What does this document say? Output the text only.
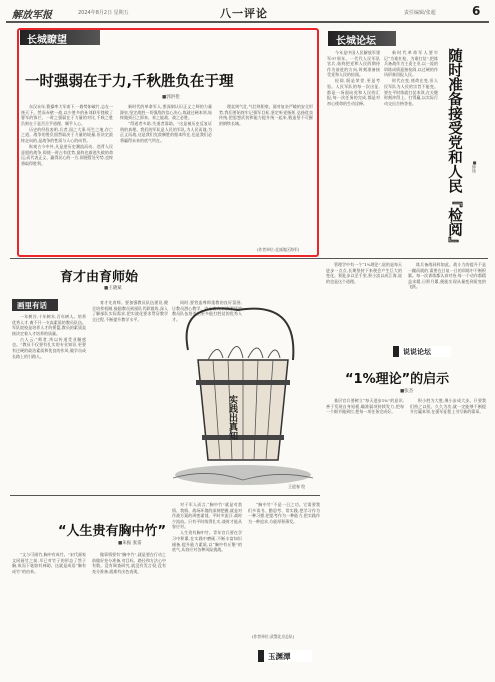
解放军报	2024年8月2日 星期五	八一评论	责任编辑/张超	6
长城瞭望
一时强弱在于力,千秋胜负在于理
■郭洪伦

东汉末年,曹操率大军南下,一路势如破竹,志在一统天下。然而赤壁一战,以少胜多的孙刘联军挫败了曹军的锋芒。一时之强弱在于力量的对比,千秋之胜负则在于是否合乎道理、顺乎人心。

历史的经验表明,兵者,国之大事,死生之地,存亡之道。战争的胜负固然取决于力量的较量,但决定最终走向的,是战争的性质与人心的向背。

纵观古今中外,凡是逆历史潮流而动、违背人民意愿的战争,即使一时占有优势,最终也难逃失败的命运;而代表正义、赢得民心的一方,即便暂处劣势,也终将取得胜利。

新时代的革命军人,要深刻认识正义之师的力量源泉,坚定战胜一切强敌的信心决心,练就过硬本领,始终做到召之即来、来之能战、战之必胜。

“得道者多助,失道者寡助。”这是被历史反复证明的真理。我们的军队是人民的军队,为人民而战,为正义而战,这是我们克敌制胜的根本所在,也是我们必将赢得未来的底气所在。

理直则气壮,气壮则胆豪。面对复杂严峻的安全形势,我们要始终牢记强军目标,坚定听党指挥,弘扬优良传统,把思想武装和能力提升统一起来,锻造坚不可摧的钢铁长城。

(作者单位:北部战区海军)
长城论坛
随时准备接受党和人民『检阅』	■钟炜

今年是中国人民解放军建军97周年。一代代人民军队官兵,始终把党和人民的期待作为前进的方向,时刻准备接受党和人民的检阅。

检阅,既是荣誉,更是考验。人民军队的每一次出征,都是一场面向党和人民的汇报;每一次任务的完成,都是对初心使命的生动诠释。

新时代革命军人要牢记“为谁扛枪、为谁打仗”,把练兵备战作为主责主业,以一流的训练成绩迎接检阅,以过硬的作风形象回报人民。

时代在变,使命在变,但人民军队为人民的宗旨不能变。要在平时练就打仗本领,在关键时刻冲得上、打得赢,以实际行动交出合格答卷。

育才由育师始
■王晓斌
画里有话

一年树谷,十年树木,百年树人。培养优秀人才,离不开一支高素质的教员队伍。军队院校是培养人才的摇篮,教员的素质直接决定着人才培养的质量。

古人云:“师者,所以传道受业解惑也。”教员不仅要有扎实的专业知识,更要有过硬的政治素质和优良的作风,做学员成长路上的引路人。

育才先育师。要加强教员队伍建设,健全培养机制,鼓励教员到部队代职锻炼,深入了解部队实际需求,把实战化要求贯穿教学全过程,不断提升教学水平。

同时,要营造尊师重教的良好氛围,让教员潜心教学、安心育人,以高素质的教员队伍培养出更多能打胜仗的优秀人才。

实践出真知
王迎春 绘

管理学中有一个“1%理论”,说的是每天进步一点点,长期坚持下来便会产生巨大的变化。积跬步以至千里,积小流以成江海,说的也是这个道理。

练兵备战同样如此。战斗力的提升不是一蹴而就的,需要在日复一日的训练中不断积累。每一次训练都认真对待,每一个动作都精益求精,日积月累,便能实现从量变到质变的飞跃。

说说论坛
“1%理论”的启示
■张杰

基层官兵要树立“每天进步1%”的意识,善于发现自身短板,瞄准弱项持续发力,把每一个细节做到位,把每一项任务完成好。

积小胜为大胜,聚小步成大步。只要我们持之以恒、久久为功,就一定能够不断提升打赢本领,在强军征程上书写新的篇章。

“人生贵有胸中竹”
■朱振 张雷

“文与可画竹,胸中有成竹。”宋代画家文同画竹之前,早已对竹子的形态了然于胸,故而下笔如有神助。这就是成语“胸有成竹”的由来。

做事情要有“胸中竹”,就是要在行动之前做好充分准备,对目标、路径和方法心中有数。没有调查研究,就没有发言权;没有充分准备,就难有出色表现。

对于军人而言,“胸中竹”就是对敌情、我情、战场环境的深刻把握,就是对作战方案的周密谋划。平时多流汗,战时少流血。只有平时练得扎实,战时才能从容应对。

人生贵有胸中竹。青年官兵要在学习中积累,在实践中磨砺,不断丰富知识储备,提升能力素质,以“胸中有丘壑”的底气,从容应对各种风险挑战。

“胸中竹”不是一日之功。它需要我们多读书、勤思考、常实践,把学习作为一种习惯,把思考作为一种能力,把实践作为一种追求,方能厚积薄发。

(作者单位:武警北京总队)
玉渊潭
